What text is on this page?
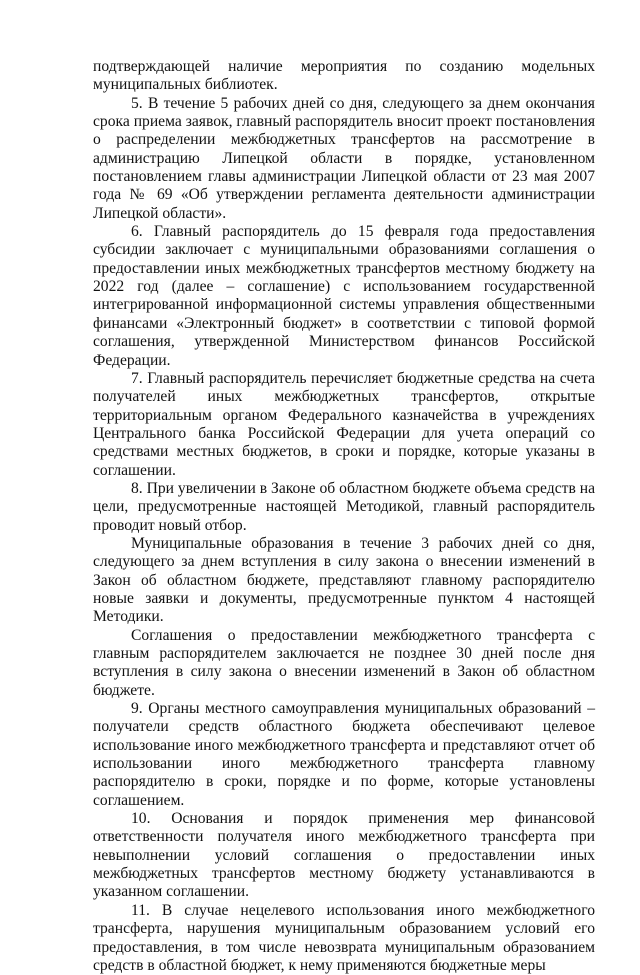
подтверждающей наличие мероприятия по созданию модельных муниципальных библиотек.

5. В течение 5 рабочих дней со дня, следующего за днем окончания срока приема заявок, главный распорядитель вносит проект постановления о распределении межбюджетных трансфертов на рассмотрение в администрацию Липецкой области в порядке, установленном постановлением главы администрации Липецкой области от 23 мая 2007 года № 69 «Об утверждении регламента деятельности администрации Липецкой области».

6. Главный распорядитель до 15 февраля года предоставления субсидии заключает с муниципальными образованиями соглашения о предоставлении иных межбюджетных трансфертов местному бюджету на 2022 год (далее – соглашение) с использованием государственной интегрированной информационной системы управления общественными финансами «Электронный бюджет» в соответствии с типовой формой соглашения, утвержденной Министерством финансов Российской Федерации.

7. Главный распорядитель перечисляет бюджетные средства на счета получателей иных межбюджетных трансфертов, открытые территориальным органом Федерального казначейства в учреждениях Центрального банка Российской Федерации для учета операций со средствами местных бюджетов, в сроки и порядке, которые указаны в соглашении.

8. При увеличении в Законе об областном бюджете объема средств на цели, предусмотренные настоящей Методикой, главный распорядитель проводит новый отбор.

Муниципальные образования в течение 3 рабочих дней со дня, следующего за днем вступления в силу закона о внесении изменений в Закон об областном бюджете, представляют главному распорядителю новые заявки и документы, предусмотренные пунктом 4 настоящей Методики.

Соглашения о предоставлении межбюджетного трансферта с главным распорядителем заключается не позднее 30 дней после дня вступления в силу закона о внесении изменений в Закон об областном бюджете.

9. Органы местного самоуправления муниципальных образований – получатели средств областного бюджета обеспечивают целевое использование иного межбюджетного трансферта и представляют отчет об использовании иного межбюджетного трансферта главному распорядителю в сроки, порядке и по форме, которые установлены соглашением.

10. Основания и порядок применения мер финансовой ответственности получателя иного межбюджетного трансферта при невыполнении условий соглашения о предоставлении иных межбюджетных трансфертов местному бюджету устанавливаются в указанном соглашении.

11. В случае нецелевого использования иного межбюджетного трансферта, нарушения муниципальным образованием условий его предоставления, в том числе невозврата муниципальным образованием средств в областной бюджет, к нему применяются бюджетные меры
